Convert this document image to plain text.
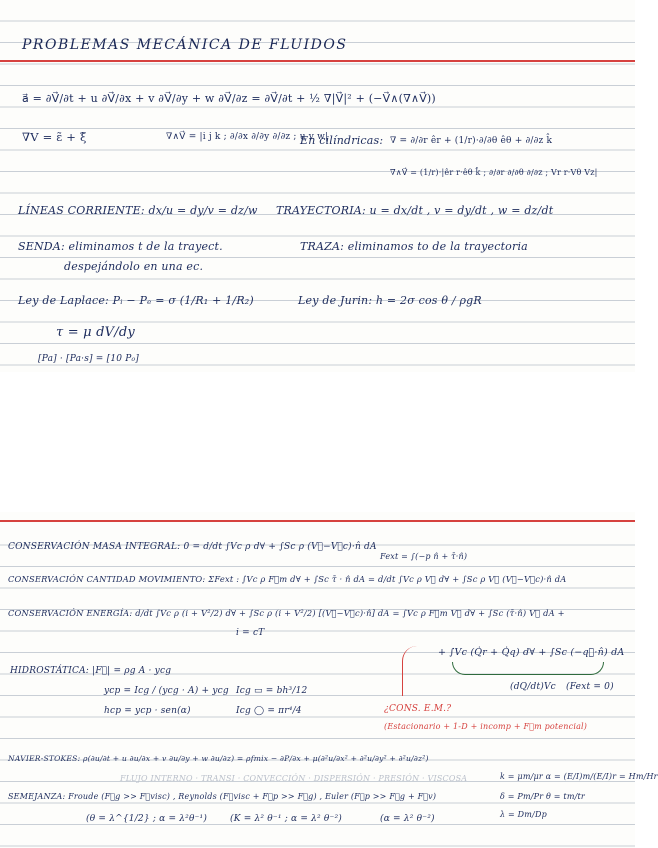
PROBLEMAS MECÁNICA DE FLUIDOS
a⃗ = ∂V⃗/∂t + u ∂V⃗/∂x + v ∂V⃗/∂y + w ∂V⃗/∂z = ∂V⃗/∂t + ½ ∇|V⃗|² + (−V⃗∧(∇∧V⃗))
∇V = ε̃ + ξ̃	∇∧V⃗ = |i j k ; ∂/∂x ∂/∂y ∂/∂z ; u v w|
En cilíndricas: ∇ = ∂/∂r êr + (1/r)·∂/∂θ êθ + ∂/∂z k̂
∇∧V⃗ = (1/r)·|êr r·êθ k̂ ; ∂/∂r ∂/∂θ ∂/∂z ; Vr r·Vθ Vz|
LÍNEAS CORRIENTE: dx/u = dy/v = dz/w TRAYECTORIA: u = dx/dt , v = dy/dt , w = dz/dt
SENDA: eliminamos t de la trayect.
despejándolo en una ec.
TRAZA: eliminamos to de la trayectoria
Ley de Laplace: Pᵢ − Pₑ = σ (1/R₁ + 1/R₂)	Ley de Jurin: h = 2σ cos θ / ρgR
τ = μ dV/dy
[Pa] · [Pa·s] = [10 P₀]
CONSERVACIÓN MASA INTEGRAL: 0 = d/dt ∫Vc ρ d∀ + ∫Sc ρ (V⃗−V⃗c)·n̂ dA
Fext = ∫(−p n̂ + τ̄·n̂)
CONSERVACIÓN CANTIDAD MOVIMIENTO: ΣFext : ∫Vc ρ F⃗m d∀ + ∫Sc τ̄ · n̂ dA = d/dt ∫Vc ρ V⃗ d∀ + ∫Sc ρ V⃗ (V⃗−V⃗c)·n̂ dA
CONSERVACIÓN ENERGÍA: d/dt ∫Vc ρ (i + V²/2) d∀ + ∫Sc ρ (i + V²/2) [(V⃗−V⃗c)·n̂] dA = ∫Vc ρ F⃗m V⃗ d∀ + ∫Sc (τ̄·n̂) V⃗ dA +
i = cT
+ ∫Vc (Q̇r + Q̇q) d∀ + ∫Sc (−q⃗·n̂) dA
(dQ/dt)Vc (Fext = 0)
HIDROSTÁTICA: |F⃗| = ρg A · ycg
ycp = Icg / (ycg · A) + ycg Icg ▭ = bh³/12
hcp = ycp · sen(α)	Icg ◯ = πr⁴/4	¿CONS. E.M.?
(Estacionario + 1-D + incomp + F⃗m potencial)
NAVIER-STOKES: ρ(∂u/∂t + u ∂u/∂x + v ∂u/∂y + w ∂u/∂z) = ρfmix − ∂P/∂x + μ(∂²u/∂x² + ∂²u/∂y² + ∂²u/∂z²)
FLUJO INTERNO · TRANSI · CONVECCIÓN · DISPERSIÓN · PRESIÓN · VISCOSA	k = μm/μr α = (E/I)m/(E/I)r = Hm/Hr
δ = Pm/Pr θ = tm/tr
λ = Dm/Dp
SEMEJANZA: Froude (F⃗g >> F⃗visc) , Reynolds (F⃗visc + F⃗p >> F⃗g) , Euler (F⃗p >> F⃗g + F⃗v)
(θ = λ^{1/2} ; α = λ²θ⁻¹)	(K = λ² θ⁻¹ ; α = λ² θ⁻²)	(α = λ² θ⁻²)
